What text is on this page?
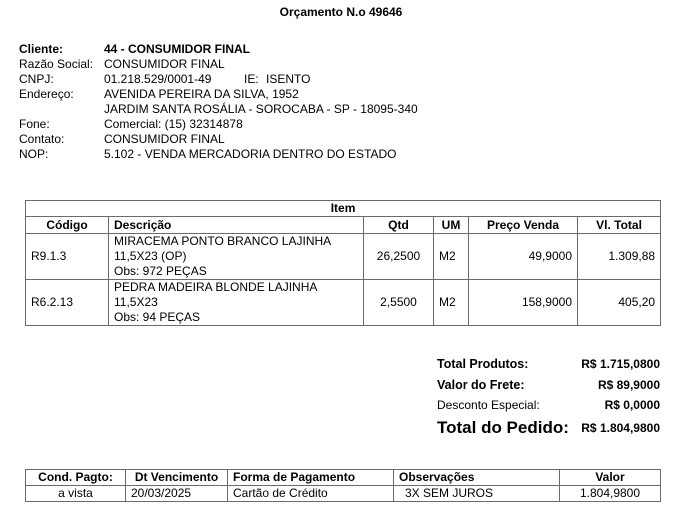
Orçamento N.o 49646
Cliente:	44 - CONSUMIDOR FINAL
Razão Social: CONSUMIDOR FINAL
CNPJ:	01.218.529/0001-49	IE: ISENTO
Endereço:	AVENIDA PEREIRA DA SILVA, 1952
JARDIM SANTA ROSÁLIA - SOROCABA - SP - 18095-340
Fone:	Comercial: (15) 32314878
Contato:	CONSUMIDOR FINAL
NOP:	5.102 - VENDA MERCADORIA DENTRO DO ESTADO
Item					
Código	Descrição	Qtd	UM	Preço Venda	Vl. Total
R9.1.3	MIRACEMA PONTO BRANCO LAJINHA
11,5X23 (OP)
Obs: 972 PEÇAS	26,2500	M2	49,9000	1.309,88
R6.2.13	PEDRA MADEIRA BLONDE LAJINHA
11,5X23
Obs: 94 PEÇAS	2,5500	M2	158,9000	405,20
Total Produtos:	R$ 1.715,0800
Valor do Frete:	R$ 89,9000
Desconto Especial:	R$ 0,0000
Total do Pedido: R$ 1.804,9800
Cond. Pagto:	Dt Vencimento	Forma de Pagamento	Observações	Valor
a vista	20/03/2025	Cartão de Crédito	3X SEM JUROS	1.804,9800
